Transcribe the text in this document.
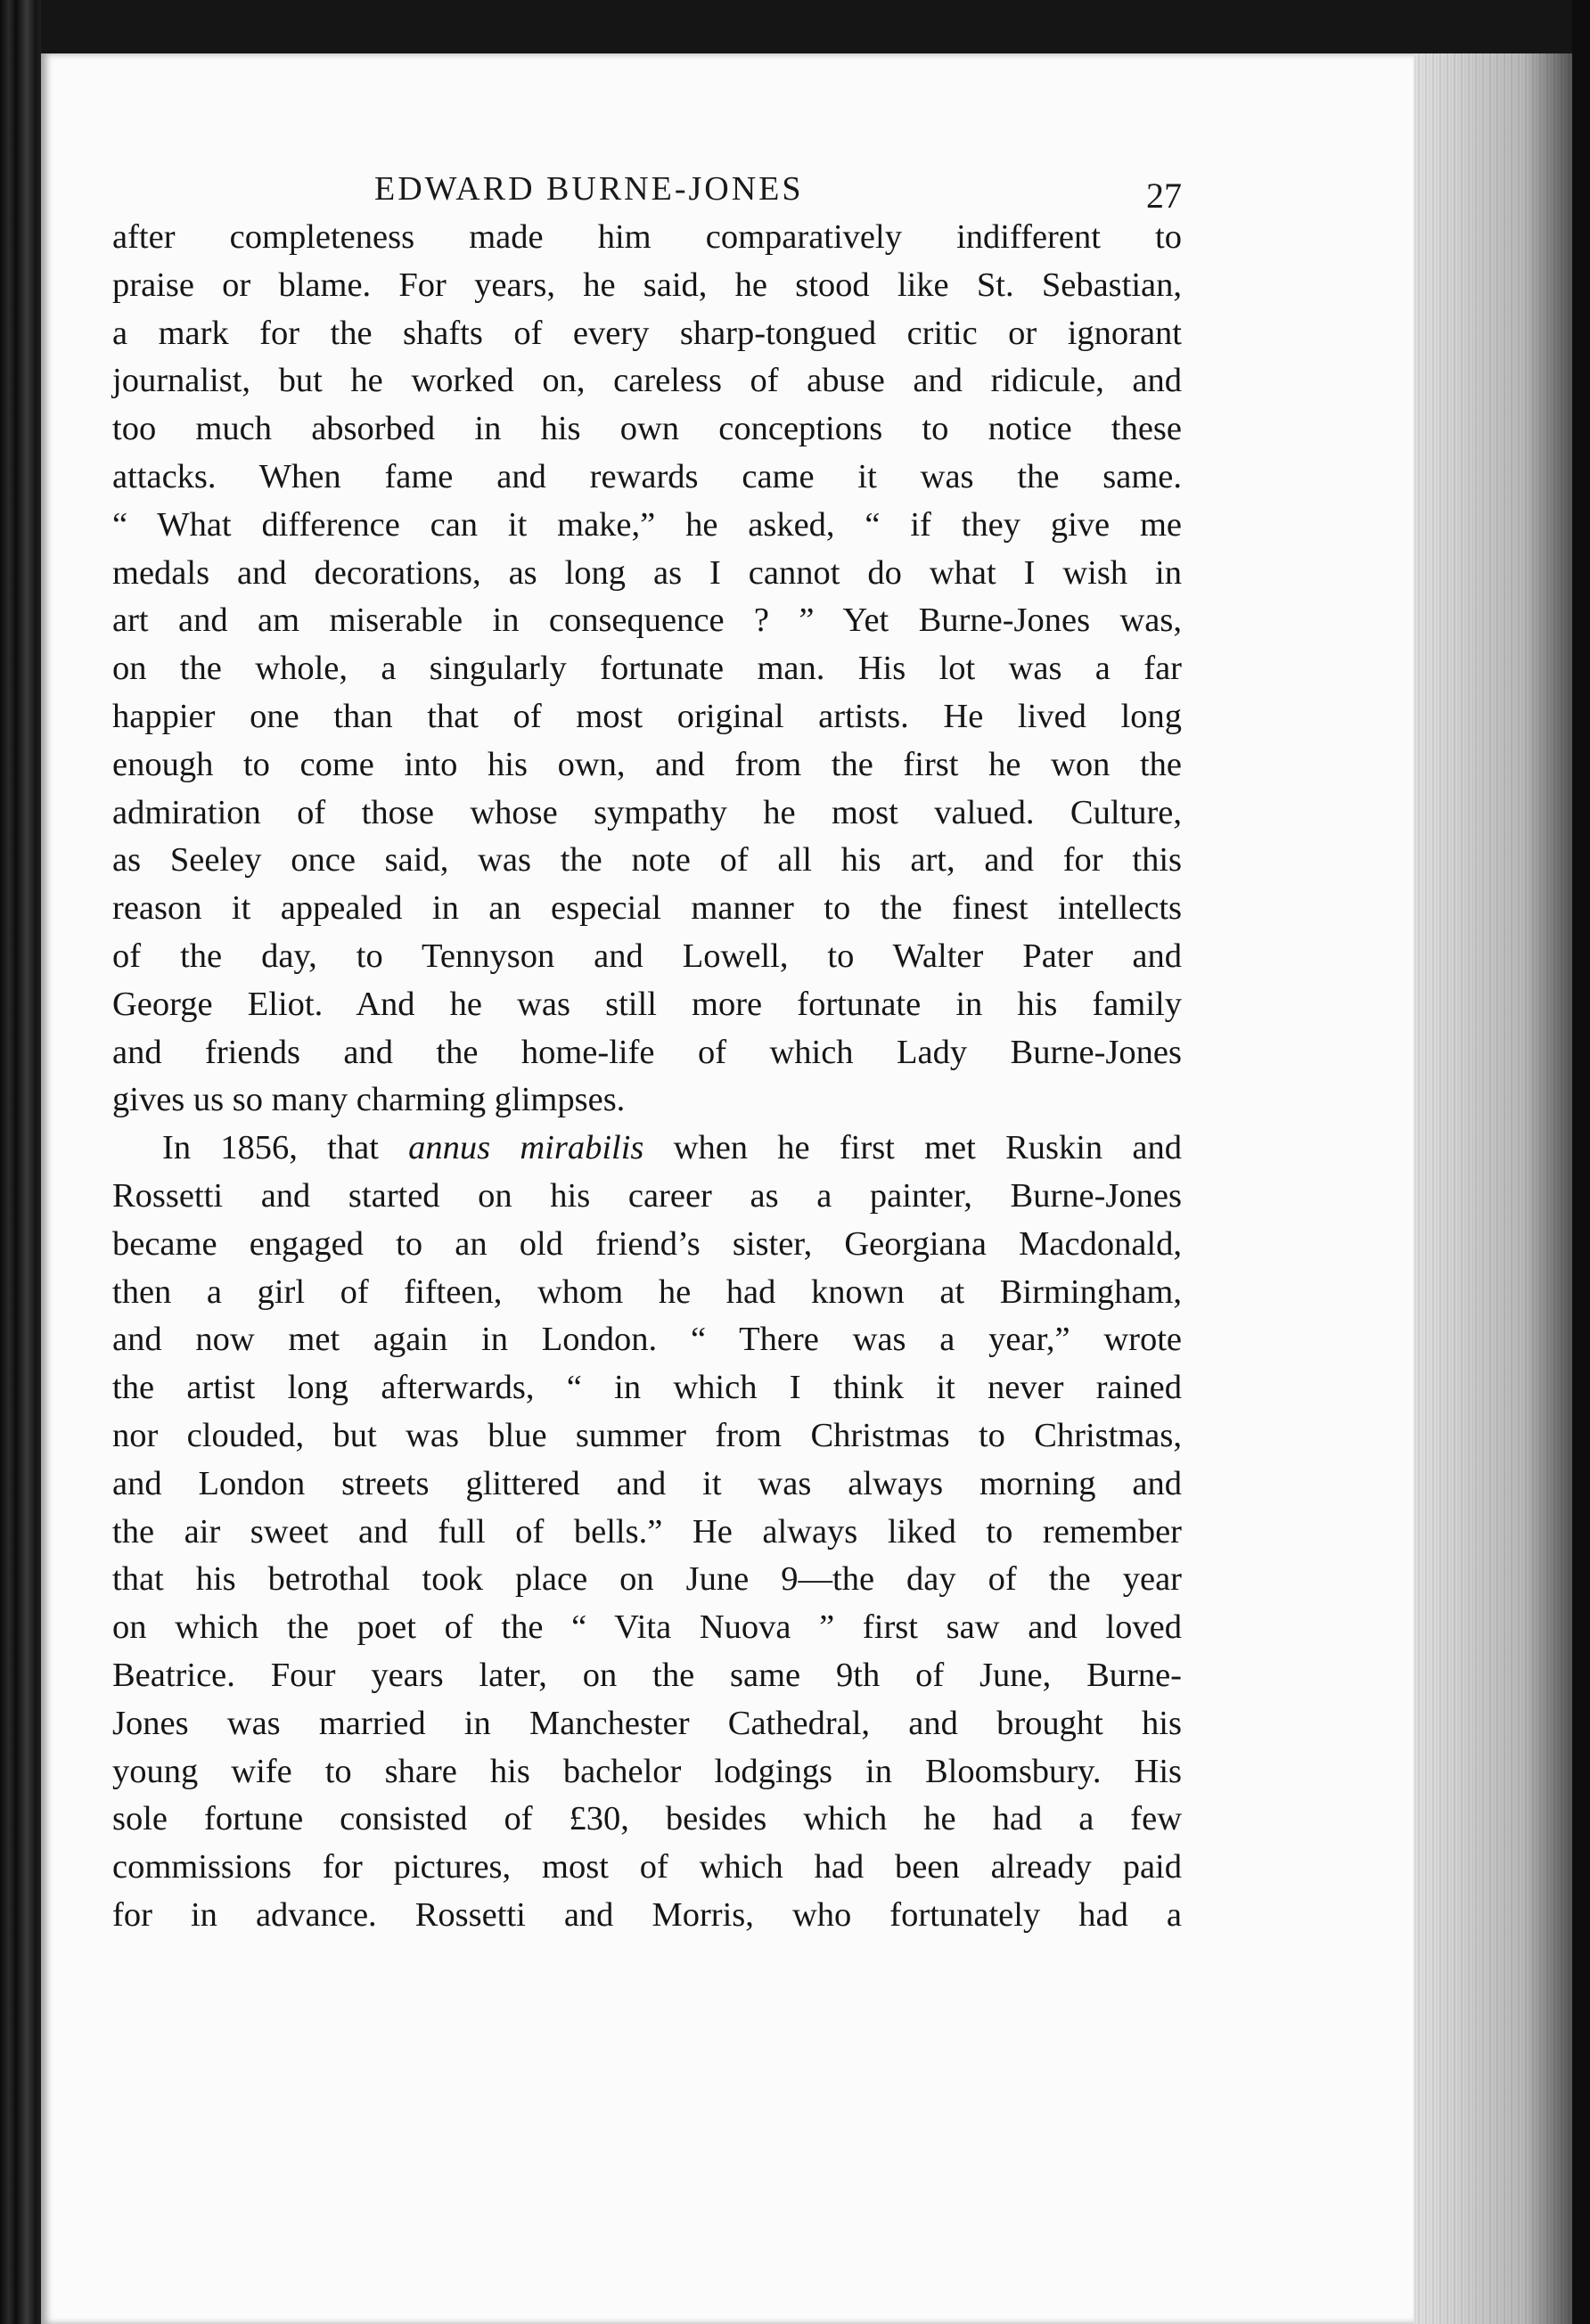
EDWARD BURNE-JONES	27
after completeness made him comparatively indifferent to
praise or blame. For years, he said, he stood like St. Sebastian,
a mark for the shafts of every sharp-tongued critic or ignorant
journalist, but he worked on, careless of abuse and ridicule, and
too much absorbed in his own conceptions to notice these
attacks. When fame and rewards came it was the same.
“ What difference can it make,” he asked, “ if they give me
medals and decorations, as long as I cannot do what I wish in
art and am miserable in consequence ? ” Yet Burne-Jones was,
on the whole, a singularly fortunate man. His lot was a far
happier one than that of most original artists. He lived long
enough to come into his own, and from the first he won the
admiration of those whose sympathy he most valued. Culture,
as Seeley once said, was the note of all his art, and for this
reason it appealed in an especial manner to the finest intellects
of the day, to Tennyson and Lowell, to Walter Pater and
George Eliot. And he was still more fortunate in his family
and friends and the home-life of which Lady Burne-Jones
gives us so many charming glimpses.
In 1856, that annus mirabilis when he first met Ruskin and
Rossetti and started on his career as a painter, Burne-Jones
became engaged to an old friend’s sister, Georgiana Macdonald,
then a girl of fifteen, whom he had known at Birmingham,
and now met again in London. “ There was a year,” wrote
the artist long afterwards, “ in which I think it never rained
nor clouded, but was blue summer from Christmas to Christmas,
and London streets glittered and it was always morning and
the air sweet and full of bells.” He always liked to remember
that his betrothal took place on June 9—the day of the year
on which the poet of the “ Vita Nuova ” first saw and loved
Beatrice. Four years later, on the same 9th of June, Burne-
Jones was married in Manchester Cathedral, and brought his
young wife to share his bachelor lodgings in Bloomsbury. His
sole fortune consisted of £30, besides which he had a few
commissions for pictures, most of which had been already paid
for in advance. Rossetti and Morris, who fortunately had a
